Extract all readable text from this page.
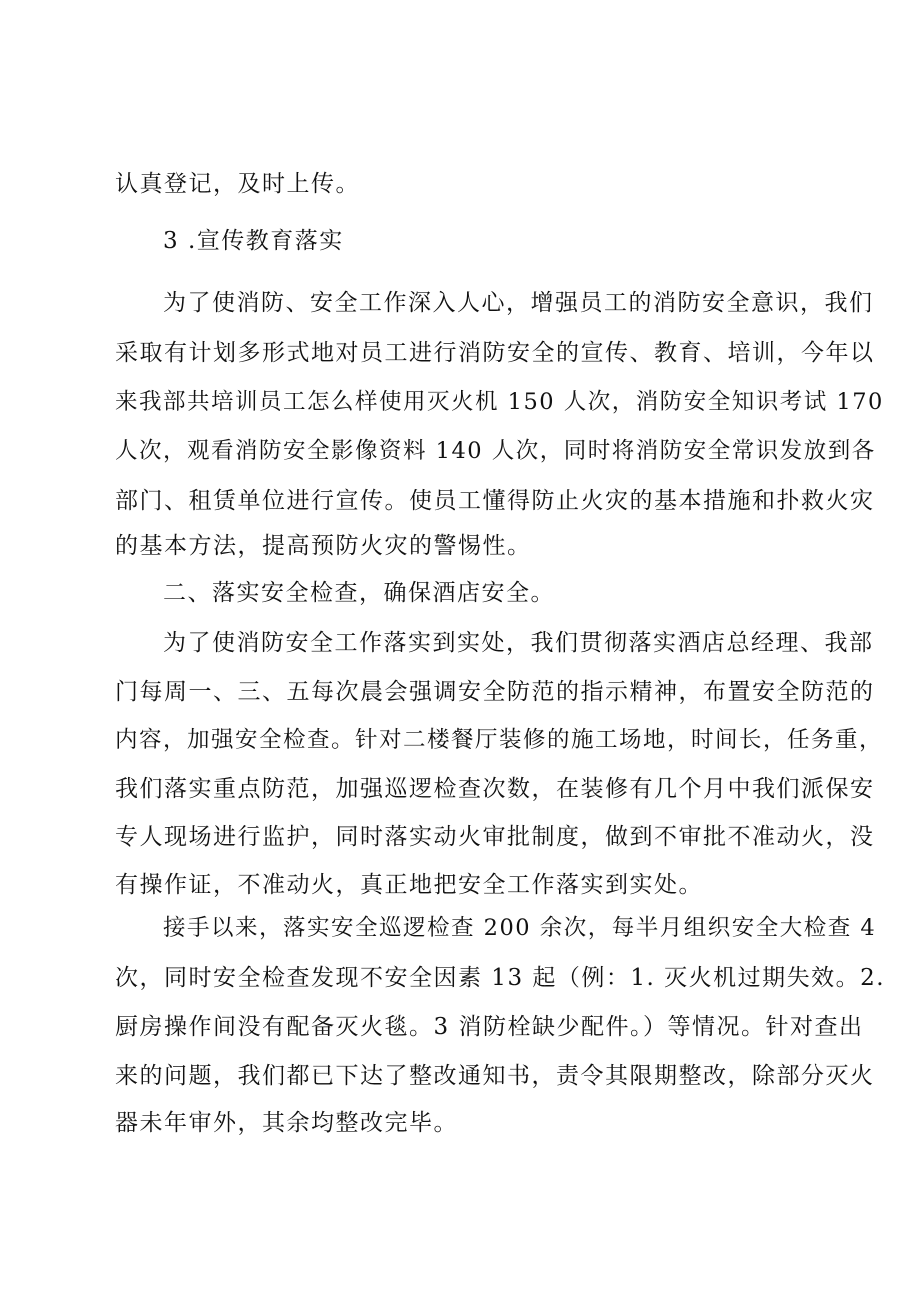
认真登记，及时上传。
3 .宣传教育落实
为了使消防、安全工作深入人心，增强员工的消防安全意识，我们
采取有计划多形式地对员工进行消防安全的宣传、教育、培训，今年以
来我部共培训员工怎么样使用灭火机 150 人次，消防安全知识考试 170
人次，观看消防安全影像资料 140 人次，同时将消防安全常识发放到各
部门、租赁单位进行宣传。使员工懂得防止火灾的基本措施和扑救火灾
的基本方法，提高预防火灾的警惕性。
二、落实安全检查，确保酒店安全。
为了使消防安全工作落实到实处，我们贯彻落实酒店总经理、我部
门每周一、三、五每次晨会强调安全防范的指示精神，布置安全防范的
内容，加强安全检查。针对二楼餐厅装修的施工场地，时间长，任务重，
我们落实重点防范，加强巡逻检查次数，在装修有几个月中我们派保安
专人现场进行监护，同时落实动火审批制度，做到不审批不准动火，没
有操作证，不准动火，真正地把安全工作落实到实处。
接手以来，落实安全巡逻检查 200 余次，每半月组织安全大检查 4
次，同时安全检查发现不安全因素 13 起（例：1. 灭火机过期失效。2.
厨房操作间没有配备灭火毯。3 消防栓缺少配件。）等情况。针对查出
来的问题，我们都已下达了整改通知书，责令其限期整改，除部分灭火
器未年审外，其余均整改完毕。
